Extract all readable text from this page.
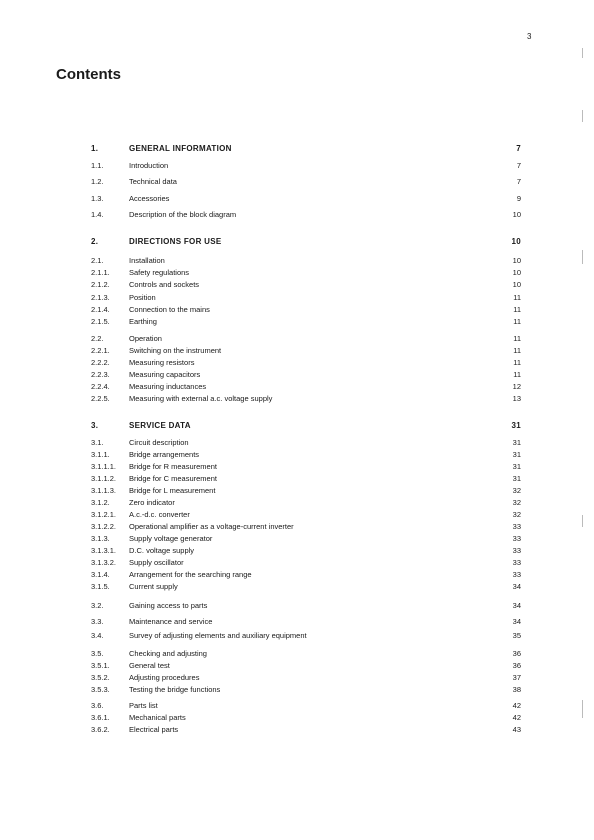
3
Contents
1.	GENERAL INFORMATION	7
1.1.	Introduction	7
1.2.	Technical data	7
1.3.	Accessories	9
1.4.	Description of the block diagram	10
2.	DIRECTIONS FOR USE	10
2.1.	Installation	10
2.1.1.	Safety regulations	10
2.1.2.	Controls and sockets	10
2.1.3.	Position	11
2.1.4.	Connection to the mains	11
2.1.5.	Earthing	11
2.2.	Operation	11
2.2.1.	Switching on the instrument	11
2.2.2.	Measuring resistors	11
2.2.3.	Measuring capacitors	11
2.2.4.	Measuring inductances	12
2.2.5.	Measuring with external a.c. voltage supply	13
3.	SERVICE DATA	31
3.1.	Circuit description	31
3.1.1.	Bridge arrangements	31
3.1.1.1. Bridge for R measurement	31
3.1.1.2. Bridge for C measurement	31
3.1.1.3. Bridge for L measurement	32
3.1.2.	Zero indicator	32
3.1.2.1. A.c.-d.c. converter	32
3.1.2.2. Operational amplifier as a voltage-current inverter	33
3.1.3.	Supply voltage generator	33
3.1.3.1. D.C. voltage supply	33
3.1.3.2. Supply oscillator	33
3.1.4.	Arrangement for the searching range	33
3.1.5.	Current supply	34
3.2.	Gaining access to parts	34
3.3.	Maintenance and service	34
3.4.	Survey of adjusting elements and auxiliary equipment	35
3.5.	Checking and adjusting	36
3.5.1.	General test	36
3.5.2.	Adjusting procedures	37
3.5.3.	Testing the bridge functions	38
3.6.	Parts list	42
3.6.1.	Mechanical parts	42
3.6.2.	Electrical parts	43
